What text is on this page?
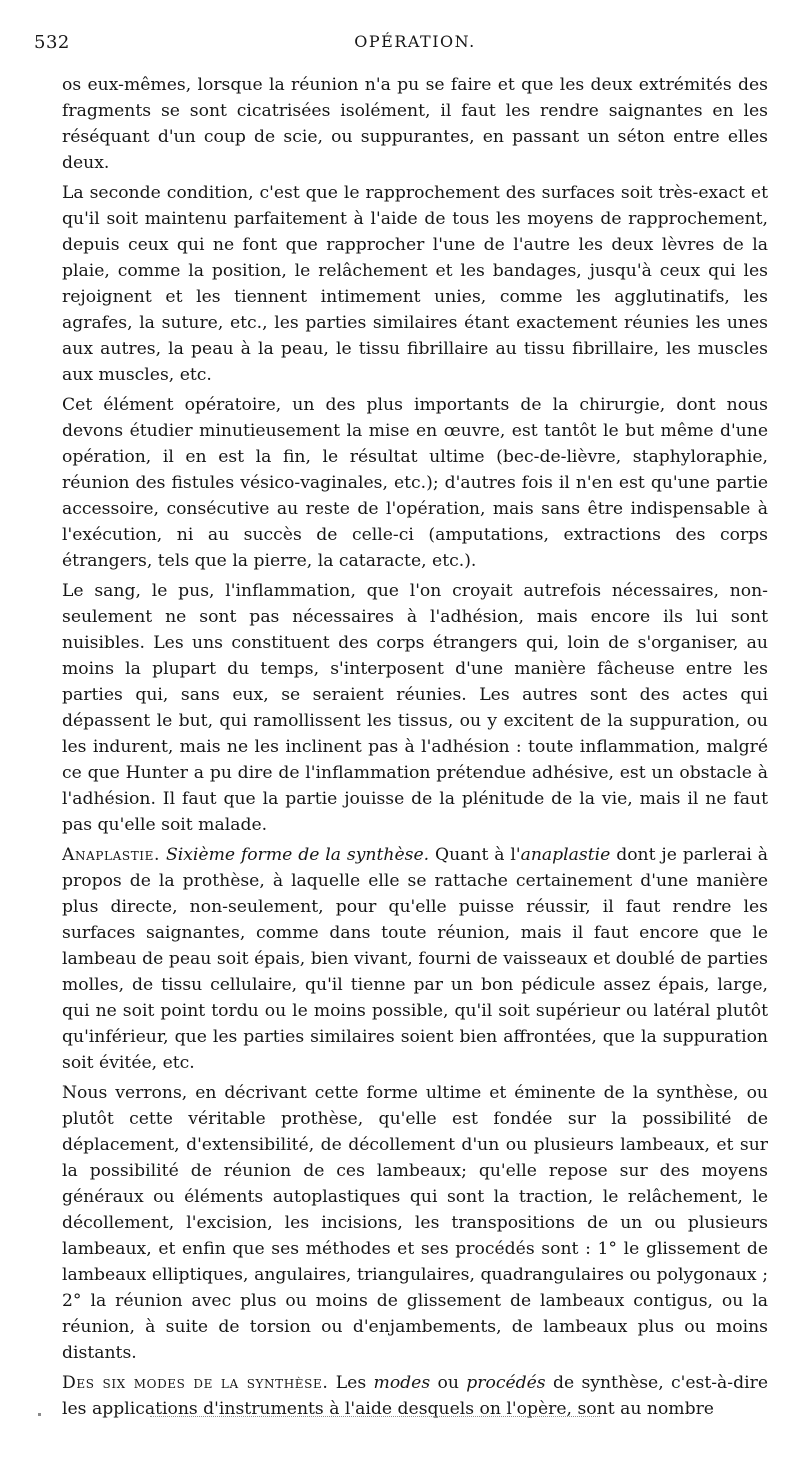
532	OPÉRATION.

os eux-mêmes, lorsque la réunion n'a pu se faire et que les deux extrémités des fragments se sont cicatrisées isolément, il faut les rendre saignantes en les réséquant d'un coup de scie, ou suppurantes, en passant un séton entre elles deux.

La seconde condition, c'est que le rapprochement des surfaces soit très-exact et qu'il soit maintenu parfaitement à l'aide de tous les moyens de rapprochement, depuis ceux qui ne font que rapprocher l'une de l'autre les deux lèvres de la plaie, comme la position, le relâchement et les bandages, jusqu'à ceux qui les rejoignent et les tiennent intimement unies, comme les agglutinatifs, les agrafes, la suture, etc., les parties similaires étant exactement réunies les unes aux autres, la peau à la peau, le tissu fibrillaire au tissu fibrillaire, les muscles aux muscles, etc.

Cet élément opératoire, un des plus importants de la chirurgie, dont nous devons étudier minutieusement la mise en œuvre, est tantôt le but même d'une opération, il en est la fin, le résultat ultime (bec-de-lièvre, staphyloraphie, réunion des fistules vésico-vaginales, etc.); d'autres fois il n'en est qu'une partie accessoire, consécutive au reste de l'opération, mais sans être indispensable à l'exécution, ni au succès de celle-ci (amputations, extractions des corps étrangers, tels que la pierre, la cataracte, etc.).

Le sang, le pus, l'inflammation, que l'on croyait autrefois nécessaires, non-seulement ne sont pas nécessaires à l'adhésion, mais encore ils lui sont nuisibles. Les uns constituent des corps étrangers qui, loin de s'organiser, au moins la plupart du temps, s'interposent d'une manière fâcheuse entre les parties qui, sans eux, se seraient réunies. Les autres sont des actes qui dépassent le but, qui ramollissent les tissus, ou y excitent de la suppuration, ou les indurent, mais ne les inclinent pas à l'adhésion : toute inflammation, malgré ce que Hunter a pu dire de l'inflammation prétendue adhésive, est un obstacle à l'adhésion. Il faut que la partie jouisse de la plénitude de la vie, mais il ne faut pas qu'elle soit malade.

Anaplastie. Sixième forme de la synthèse. Quant à l'anaplastie dont je parlerai à propos de la prothèse, à laquelle elle se rattache certainement d'une manière plus directe, non-seulement, pour qu'elle puisse réussir, il faut rendre les surfaces saignantes, comme dans toute réunion, mais il faut encore que le lambeau de peau soit épais, bien vivant, fourni de vaisseaux et doublé de parties molles, de tissu cellulaire, qu'il tienne par un bon pédicule assez épais, large, qui ne soit point tordu ou le moins possible, qu'il soit supérieur ou latéral plutôt qu'inférieur, que les parties similaires soient bien affrontées, que la suppuration soit évitée, etc.

Nous verrons, en décrivant cette forme ultime et éminente de la synthèse, ou plutôt cette véritable prothèse, qu'elle est fondée sur la possibilité de déplacement, d'extensibilité, de décollement d'un ou plusieurs lambeaux, et sur la possibilité de réunion de ces lambeaux; qu'elle repose sur des moyens généraux ou éléments autoplastiques qui sont la traction, le relâchement, le décollement, l'excision, les incisions, les transpositions de un ou plusieurs lambeaux, et enfin que ses méthodes et ses procédés sont : 1° le glissement de lambeaux elliptiques, angulaires, triangulaires, quadrangulaires ou polygonaux ; 2° la réunion avec plus ou moins de glissement de lambeaux contigus, ou la réunion, à suite de torsion ou d'enjambements, de lambeaux plus ou moins distants.

Des six modes de la synthèse. Les modes ou procédés de synthèse, c'est-à-dire les applications d'instruments à l'aide desquels on l'opère, sont au nombre
